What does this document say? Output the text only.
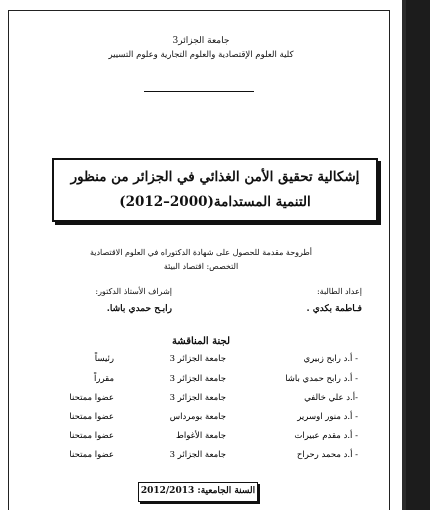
جامعة الجزائر3
كلية العلوم الإقتصادية والعلوم التجارية وعلوم التسيير
إشكالية تحقيق الأمن الغذائي في الجزائر من منظور
التنمية المستدامة(2000–2012)
أطروحة مقدمة للحصول على شهادة الدكتوراه في العلوم الاقتصادية
التخصص: اقتصاد البيئة
إعداد الطالبة:
إشراف الأستاذ الدكتور:
فـاطمة بكدي .
رابـح حمدي باشا.
لجنة المناقشة
- أ.د رابح زبيري
جامعة الجزائر 3
رئيساً
- أ.د رابح حمدي باشا
جامعة الجزائر 3
مقرراً
-أ.د علي خالفي
جامعة الجزائر 3
عضوا ممتحنا
- أ.د منور اوسرير
جامعة بومرداس
عضوا ممتحنا
- أ.د مقدم عبيرات
جامعة الأغواط
عضوا ممتحنا
- أ.د محمد رحراح
جامعة الجزائر 3
عضوا ممتحنا
السنة الجامعية: 2012/2013
